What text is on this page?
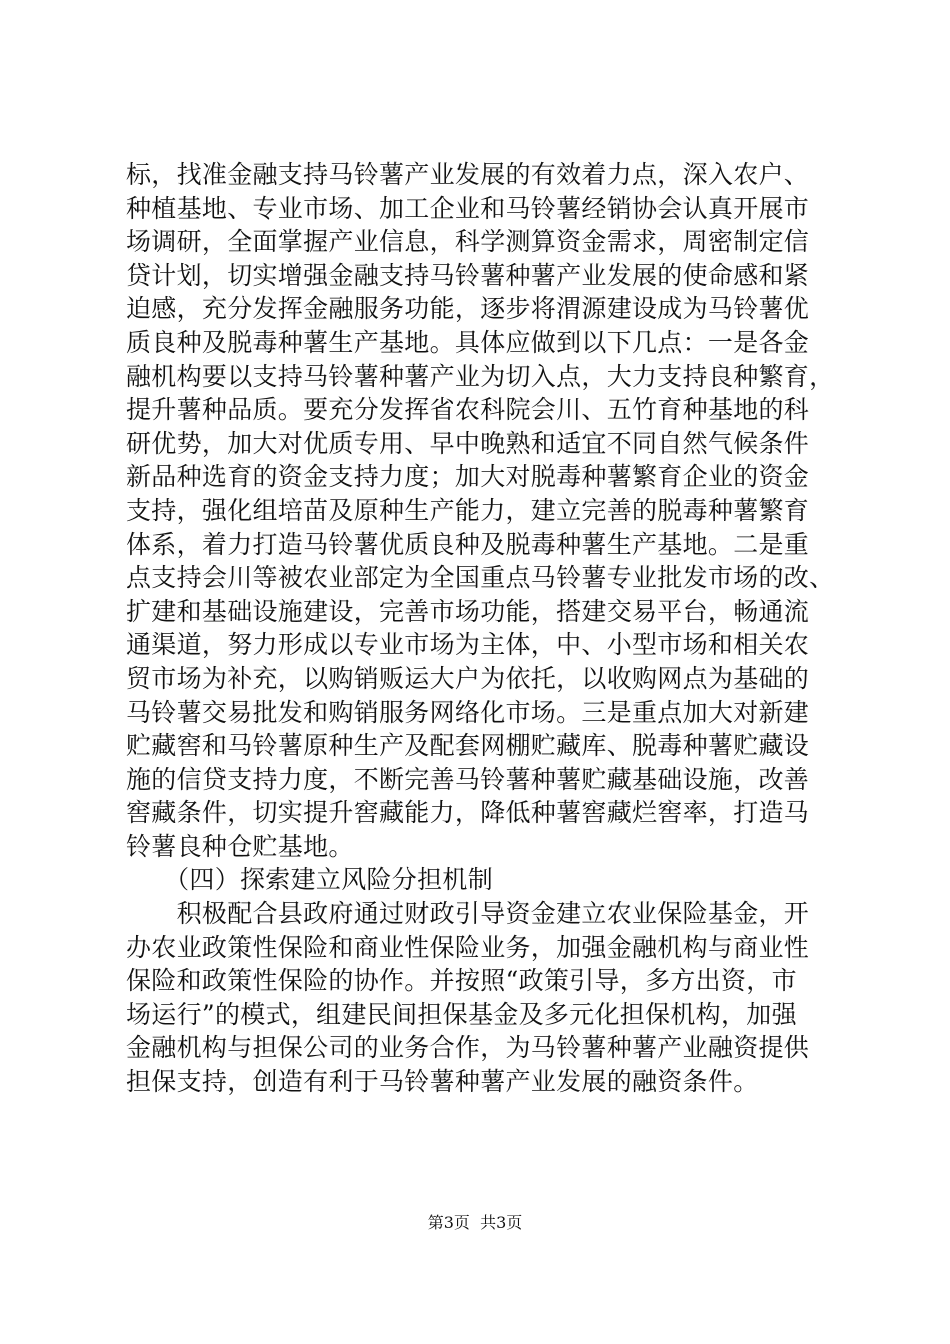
标，找准金融支持马铃薯产业发展的有效着力点，深入农户、
种植基地、专业市场、加工企业和马铃薯经销协会认真开展市
场调研，全面掌握产业信息，科学测算资金需求，周密制定信
贷计划，切实增强金融支持马铃薯种薯产业发展的使命感和紧
迫感，充分发挥金融服务功能，逐步将渭源建设成为马铃薯优
质良种及脱毒种薯生产基地。具体应做到以下几点：一是各金
融机构要以支持马铃薯种薯产业为切入点，大力支持良种繁育，
提升薯种品质。要充分发挥省农科院会川、五竹育种基地的科
研优势，加大对优质专用、早中晚熟和适宜不同自然气候条件
新品种选育的资金支持力度；加大对脱毒种薯繁育企业的资金
支持，强化组培苗及原种生产能力，建立完善的脱毒种薯繁育
体系，着力打造马铃薯优质良种及脱毒种薯生产基地。二是重
点支持会川等被农业部定为全国重点马铃薯专业批发市场的改、
扩建和基础设施建设，完善市场功能，搭建交易平台，畅通流
通渠道，努力形成以专业市场为主体，中、小型市场和相关农
贸市场为补充，以购销贩运大户为依托，以收购网点为基础的
马铃薯交易批发和购销服务网络化市场。三是重点加大对新建
贮藏窖和马铃薯原种生产及配套网棚贮藏库、脱毒种薯贮藏设
施的信贷支持力度，不断完善马铃薯种薯贮藏基础设施，改善
窖藏条件，切实提升窖藏能力，降低种薯窖藏烂窖率，打造马
铃薯良种仓贮基地。
　　（四）探索建立风险分担机制
　　积极配合县政府通过财政引导资金建立农业保险基金，开
办农业政策性保险和商业性保险业务，加强金融机构与商业性
保险和政策性保险的协作。并按照“政策引导，多方出资，市
场运行”的模式，组建民间担保基金及多元化担保机构，加强
金融机构与担保公司的业务合作，为马铃薯种薯产业融资提供
担保支持，创造有利于马铃薯种薯产业发展的融资条件。
第3页  共3页
